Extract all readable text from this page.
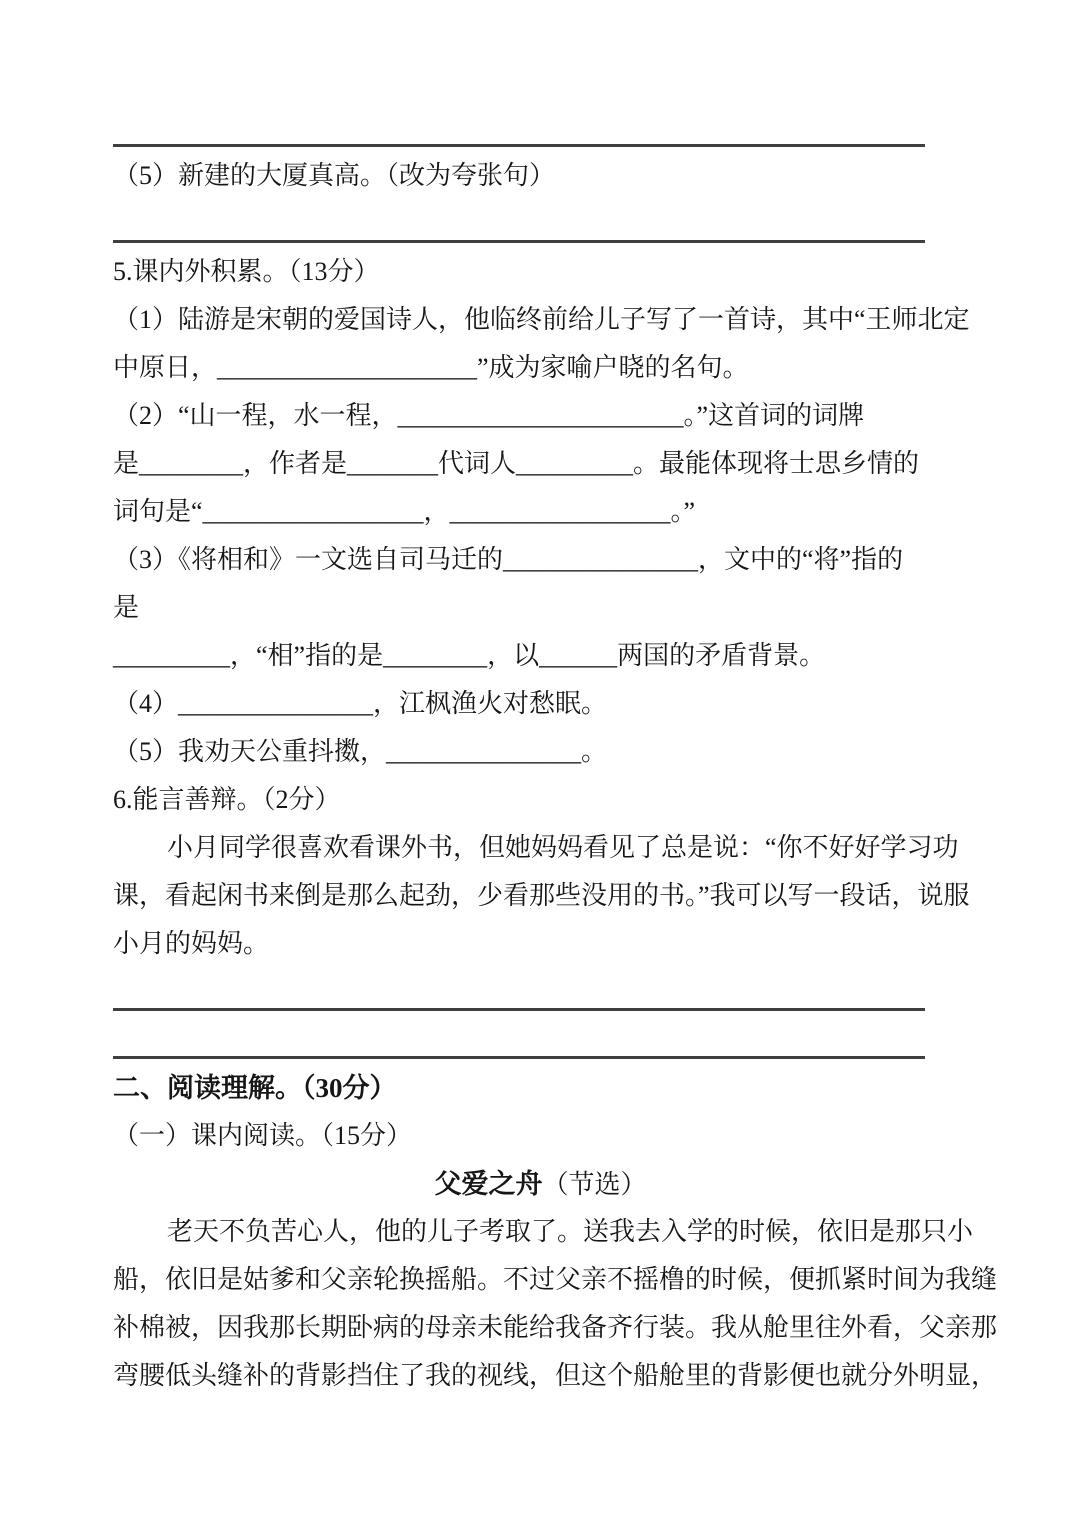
（5）新建的大厦真高。（改为夸张句）
5.课内外积累。（13分）
（1）陆游是宋朝的爱国诗人，他临终前给儿子写了一首诗，其中“王师北定
中原日，____________________”成为家喻户晓的名句。
（2）“山一程，水一程，______________________。”这首词的词牌
是________，作者是_______代词人_________。最能体现将士思乡情的
词句是“_________________，_________________。”
（3）《将相和》一文选自司马迁的_______________，文中的“将”指的
是
_________，“相”指的是________，以______两国的矛盾背景。
（4）_______________，江枫渔火对愁眠。
（5）我劝天公重抖擞，_______________。
6.能言善辩。（2分）
小月同学很喜欢看课外书，但她妈妈看见了总是说：“你不好好学习功
课，看起闲书来倒是那么起劲，少看那些没用的书。”我可以写一段话，说服
小月的妈妈。
二、阅读理解。（30分）
（一）课内阅读。（15分）
父爱之舟（节选）
老天不负苦心人，他的儿子考取了。送我去入学的时候，依旧是那只小
船，依旧是姑爹和父亲轮换摇船。不过父亲不摇橹的时候，便抓紧时间为我缝
补棉被，因我那长期卧病的母亲未能给我备齐行装。我从舱里往外看，父亲那
弯腰低头缝补的背影挡住了我的视线，但这个船舱里的背影便也就分外明显，
